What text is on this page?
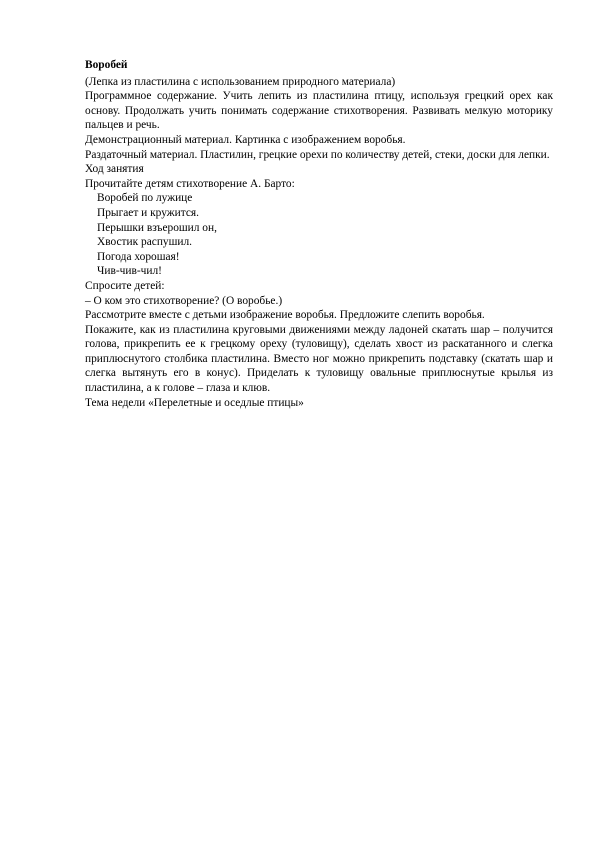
Воробей

(Лепка из пластилина с использованием природного материала)

Программное содержание. Учить лепить из пластилина птицу, используя грецкий орех как основу. Продолжать учить понимать содержание стихотворения. Развивать мелкую моторику пальцев и речь.

Демонстрационный материал. Картинка с изображением воробья.

Раздаточный материал. Пластилин, грецкие орехи по количеству детей, стеки, доски для лепки.

Ход занятия

Прочитайте детям стихотворение А. Барто:

Воробей по лужице
Прыгает и кружится.
Перышки взъерошил он,
Хвостик распушил.
Погода хорошая!
Чив-чив-чил!

Спросите детей:

– О ком это стихотворение? (О воробье.)

Рассмотрите вместе с детьми изображение воробья. Предложите слепить воробья.

Покажите, как из пластилина круговыми движениями между ладоней скатать шар – получится голова, прикрепить ее к грецкому ореху (туловищу), сделать хвост из раскатанного и слегка приплюснутого столбика пластилина. Вместо ног можно прикрепить подставку (скатать шар и слегка вытянуть его в конус). Приделать к туловищу овальные приплюснутые крылья из пластилина, а к голове – глаза и клюв.

Тема недели «Перелетные и оседлые птицы»
